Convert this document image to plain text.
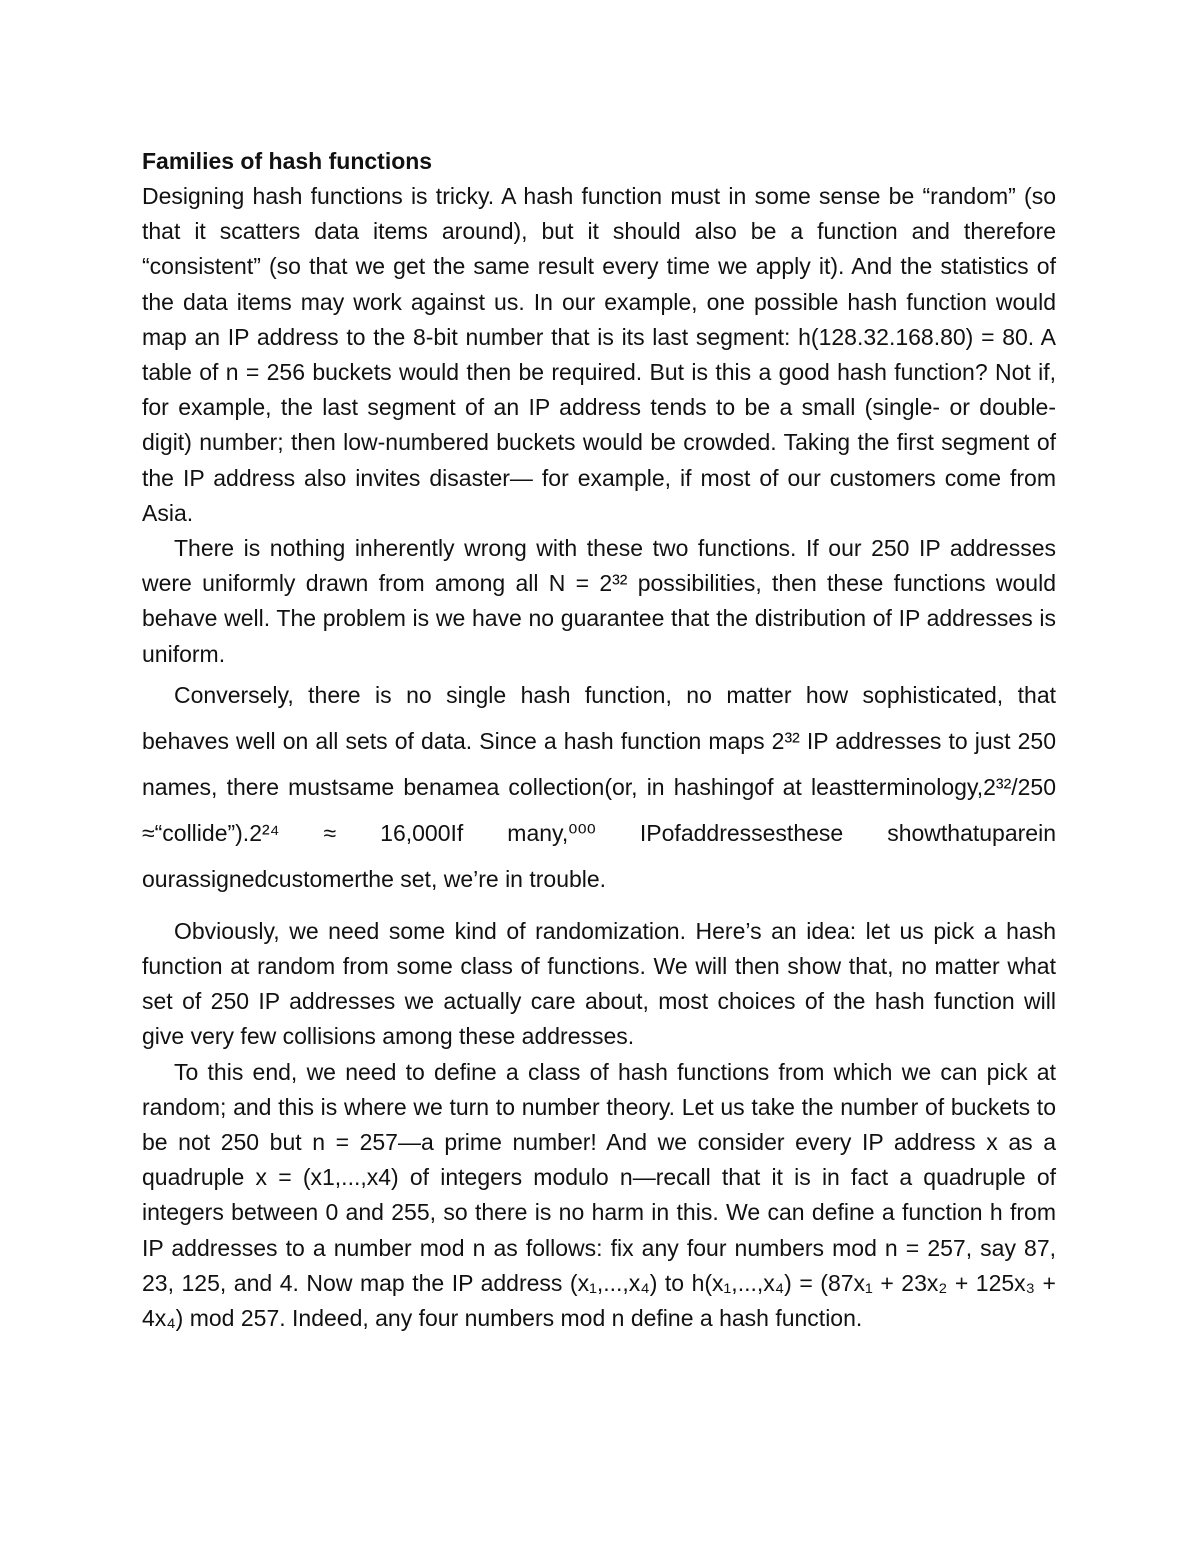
Families of hash functions

Designing hash functions is tricky. A hash function must in some sense be “random” (so that it scatters data items around), but it should also be a function and therefore “consistent” (so that we get the same result every time we apply it). And the statistics of the data items may work against us. In our example, one possible hash function would map an IP address to the 8-bit number that is its last segment: h(128.32.168.80) = 80. A table of n = 256 buckets would then be required. But is this a good hash function? Not if, for example, the last segment of an IP address tends to be a small (single- or double-digit) number; then low-numbered buckets would be crowded. Taking the first segment of the IP address also invites disaster— for example, if most of our customers come from Asia.

There is nothing inherently wrong with these two functions. If our 250 IP addresses were uniformly drawn from among all N = 2³² possibilities, then these functions would behave well. The problem is we have no guarantee that the distribution of IP addresses is uniform.

Conversely, there is no single hash function, no matter how sophisticated, that behaves well on all sets of data. Since a hash function maps 2³² IP addresses to just 250 names, there mustsame benamea collection(or, in hashingof at leastterminology,2³²/250 ≈“collide”).2²⁴ ≈ 16,000If many,⁰⁰⁰ IPofaddressesthese showthatuparein ourassignedcustomerthe set, we’re in trouble.

Obviously, we need some kind of randomization. Here’s an idea: let us pick a hash function at random from some class of functions. We will then show that, no matter what set of 250 IP addresses we actually care about, most choices of the hash function will give very few collisions among these addresses.

To this end, we need to define a class of hash functions from which we can pick at random; and this is where we turn to number theory. Let us take the number of buckets to be not 250 but n = 257—a prime number! And we consider every IP address x as a quadruple x = (x1,...,x4) of integers modulo n—recall that it is in fact a quadruple of integers between 0 and 255, so there is no harm in this. We can define a function h from IP addresses to a number mod n as follows: fix any four numbers mod n = 257, say 87, 23, 125, and 4. Now map the IP address (x₁,...,x₄) to h(x₁,...,x₄) = (87x₁ + 23x₂ + 125x₃ + 4x₄) mod 257. Indeed, any four numbers mod n define a hash function.
